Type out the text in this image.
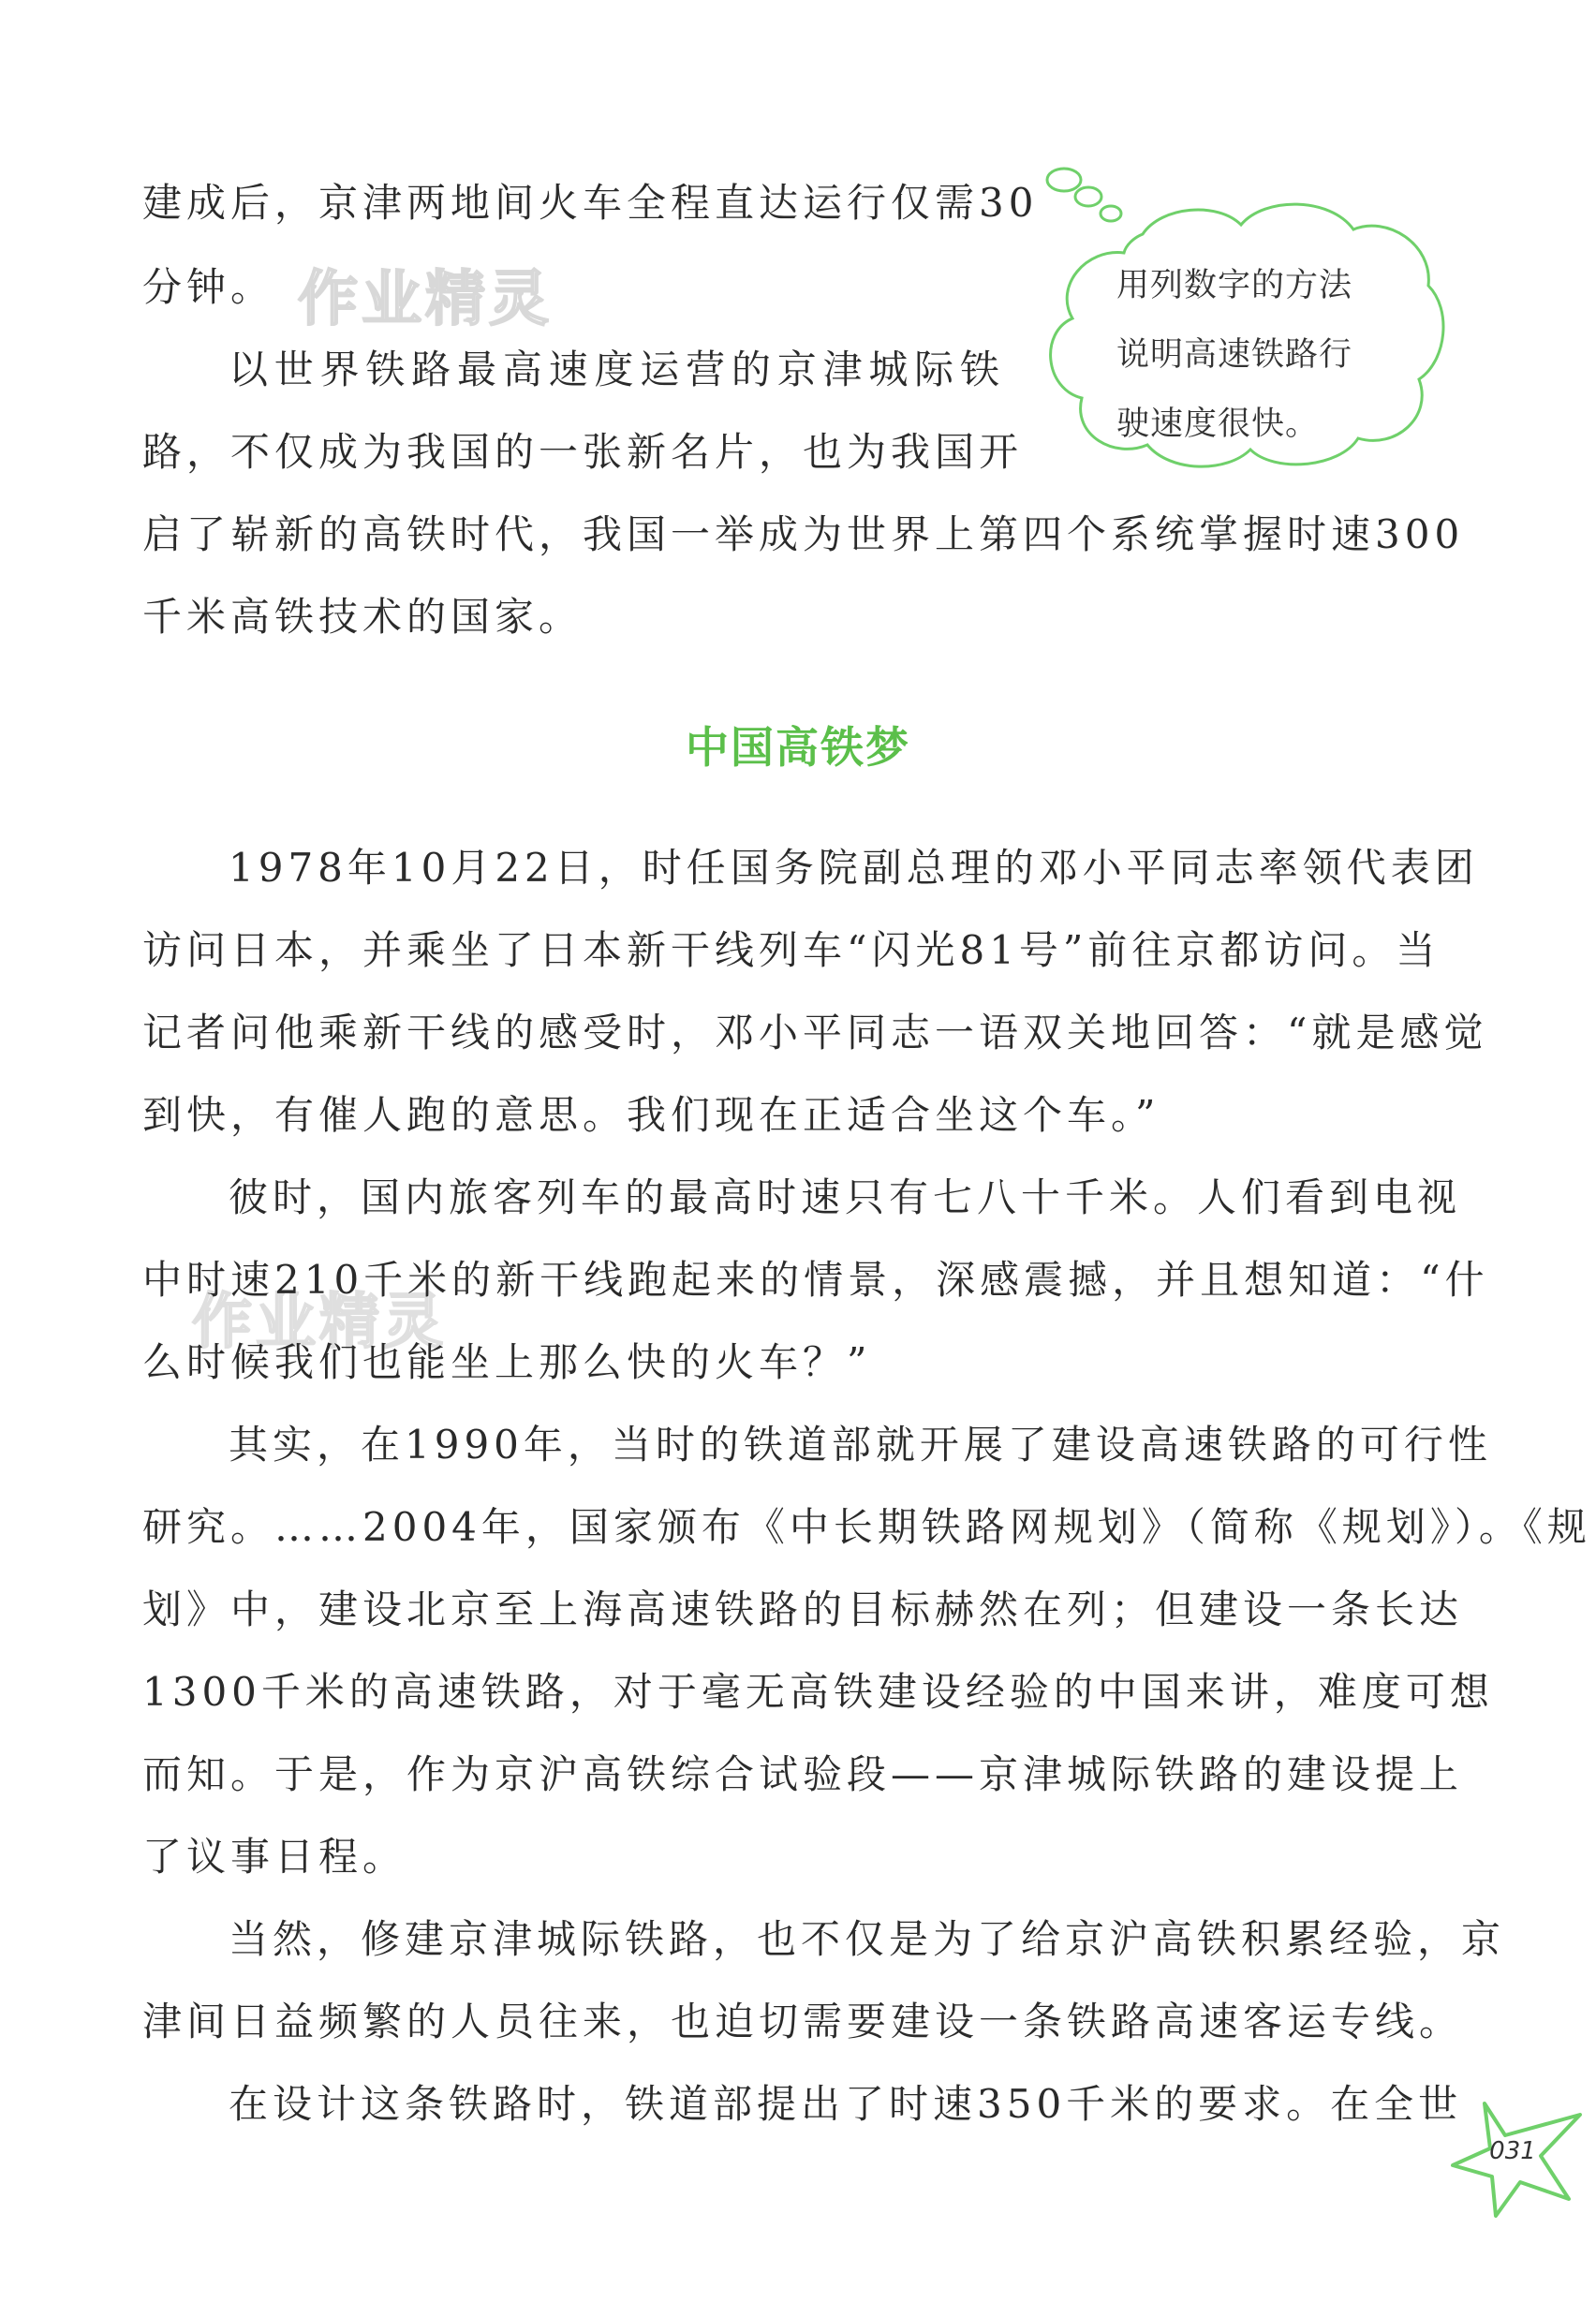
作业精灵
作业精灵
建成后，京津两地间火车全程直达运行仅需30
分钟。
以世界铁路最高速度运营的京津城际铁
路，不仅成为我国的一张新名片，也为我国开
启了崭新的高铁时代，我国一举成为世界上第四个系统掌握时速300
千米高铁技术的国家。
用列数字的方法
说明高速铁路行
驶速度很快。
中国高铁梦
1978年10月22日，时任国务院副总理的邓小平同志率领代表团
访问日本，并乘坐了日本新干线列车“闪光81号”前往京都访问。当
记者问他乘新干线的感受时，邓小平同志一语双关地回答：“就是感觉
到快，有催人跑的意思。我们现在正适合坐这个车。”
彼时，国内旅客列车的最高时速只有七八十千米。人们看到电视
中时速210千米的新干线跑起来的情景，深感震撼，并且想知道：“什
么时候我们也能坐上那么快的火车？”
其实，在1990年，当时的铁道部就开展了建设高速铁路的可行性
研究。……2004年，国家颁布《中长期铁路网规划》（简称《规划》）。《规
划》中，建设北京至上海高速铁路的目标赫然在列；但建设一条长达
1300千米的高速铁路，对于毫无高铁建设经验的中国来讲，难度可想
而知。于是，作为京沪高铁综合试验段——京津城际铁路的建设提上
了议事日程。
当然，修建京津城际铁路，也不仅是为了给京沪高铁积累经验，京
津间日益频繁的人员往来，也迫切需要建设一条铁路高速客运专线。
在设计这条铁路时，铁道部提出了时速350千米的要求。在全世
031
